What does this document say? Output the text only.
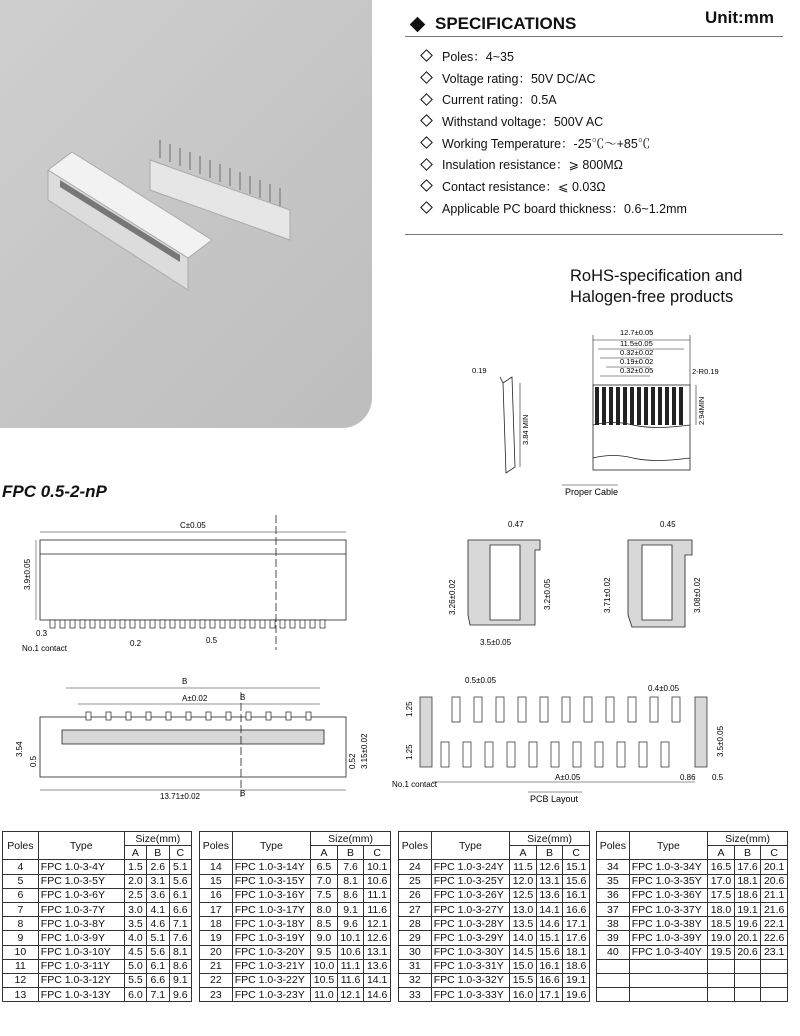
Unit:mm
SPECIFICATIONS
Poles：4~35
Voltage rating：50V DC/AC
Current rating：0.5A
Withstand voltage：500V AC
Working Temperature：-25℃～+85℃
Insulation resistance：⩾ 800MΩ
Contact resistance：⩽ 0.03Ω
Applicable PC board thickness：0.6~1.2mm
RoHS-specification and
Halogen-free products
12.7±0.05
11.5±0.05
0.32±0.02
0.19±0.02
0.32±0.05	2-R0.19
2.94MIN
3.84 MIN
0.19
Proper Cable
FPC 0.5-2-nP
C±0.05
3.9±0.05
0.3
0.2	0.5
No.1 contact
0.47
3.26±0.02	3.2±0.05
3.5±0.05
0.45
3.71±0.02	3.08±0.02
B
A±0.02	B
13.71±0.02	B
3.54
0.5	0.52 3.15±0.02
0.5±0.05
0.4±0.05
1.25
1.25	3.5±0.05
A±0.05	0.86 0.5
No.1 contact
PCB Layout
Poles	Type	Size(mm)		
		A	B	C
4	FPC 1.0-3-4Y	1.5	2.6	5.1
5	FPC 1.0-3-5Y	2.0	3.1	5.6
6	FPC 1.0-3-6Y	2.5	3.6	6.1
7	FPC 1.0-3-7Y	3.0	4.1	6.6
8	FPC 1.0-3-8Y	3.5	4.6	7.1
9	FPC 1.0-3-9Y	4.0	5.1	7.6
10	FPC 1.0-3-10Y	4.5	5.6	8.1
11	FPC 1.0-3-11Y	5.0	6.1	8.6
12	FPC 1.0-3-12Y	5.5	6.6	9.1
13	FPC 1.0-3-13Y	6.0	7.1	9.6
Poles	Type	Size(mm)		
		A	B	C
14	FPC 1.0-3-14Y	6.5	7.6	10.1
15	FPC 1.0-3-15Y	7.0	8.1	10.6
16	FPC 1.0-3-16Y	7.5	8.6	11.1
17	FPC 1.0-3-17Y	8.0	9.1	11.6
18	FPC 1.0-3-18Y	8.5	9.6	12.1
19	FPC 1.0-3-19Y	9.0	10.1	12.6
20	FPC 1.0-3-20Y	9.5	10.6	13.1
21	FPC 1.0-3-21Y	10.0	11.1	13.6
22	FPC 1.0-3-22Y	10.5	11.6	14.1
23	FPC 1.0-3-23Y	11.0	12.1	14.6
Poles	Type	Size(mm)		
		A	B	C
24	FPC 1.0-3-24Y	11.5	12.6	15.1
25	FPC 1.0-3-25Y	12.0	13.1	15.6
26	FPC 1.0-3-26Y	12.5	13.6	16.1
27	FPC 1.0-3-27Y	13.0	14.1	16.6
28	FPC 1.0-3-28Y	13.5	14.6	17.1
29	FPC 1.0-3-29Y	14.0	15.1	17.6
30	FPC 1.0-3-30Y	14.5	15.6	18.1
31	FPC 1.0-3-31Y	15.0	16.1	18.6
32	FPC 1.0-3-32Y	15.5	16.6	19.1
33	FPC 1.0-3-33Y	16.0	17.1	19.6
Poles	Type	Size(mm)		
		A	B	C
34	FPC 1.0-3-34Y	16.5	17.6	20.1
35	FPC 1.0-3-35Y	17.0	18.1	20.6
36	FPC 1.0-3-36Y	17.5	18.6	21.1
37	FPC 1.0-3-37Y	18.0	19.1	21.6
38	FPC 1.0-3-38Y	18.5	19.6	22.1
39	FPC 1.0-3-39Y	19.0	20.1	22.6
40	FPC 1.0-3-40Y	19.5	20.6	23.1
